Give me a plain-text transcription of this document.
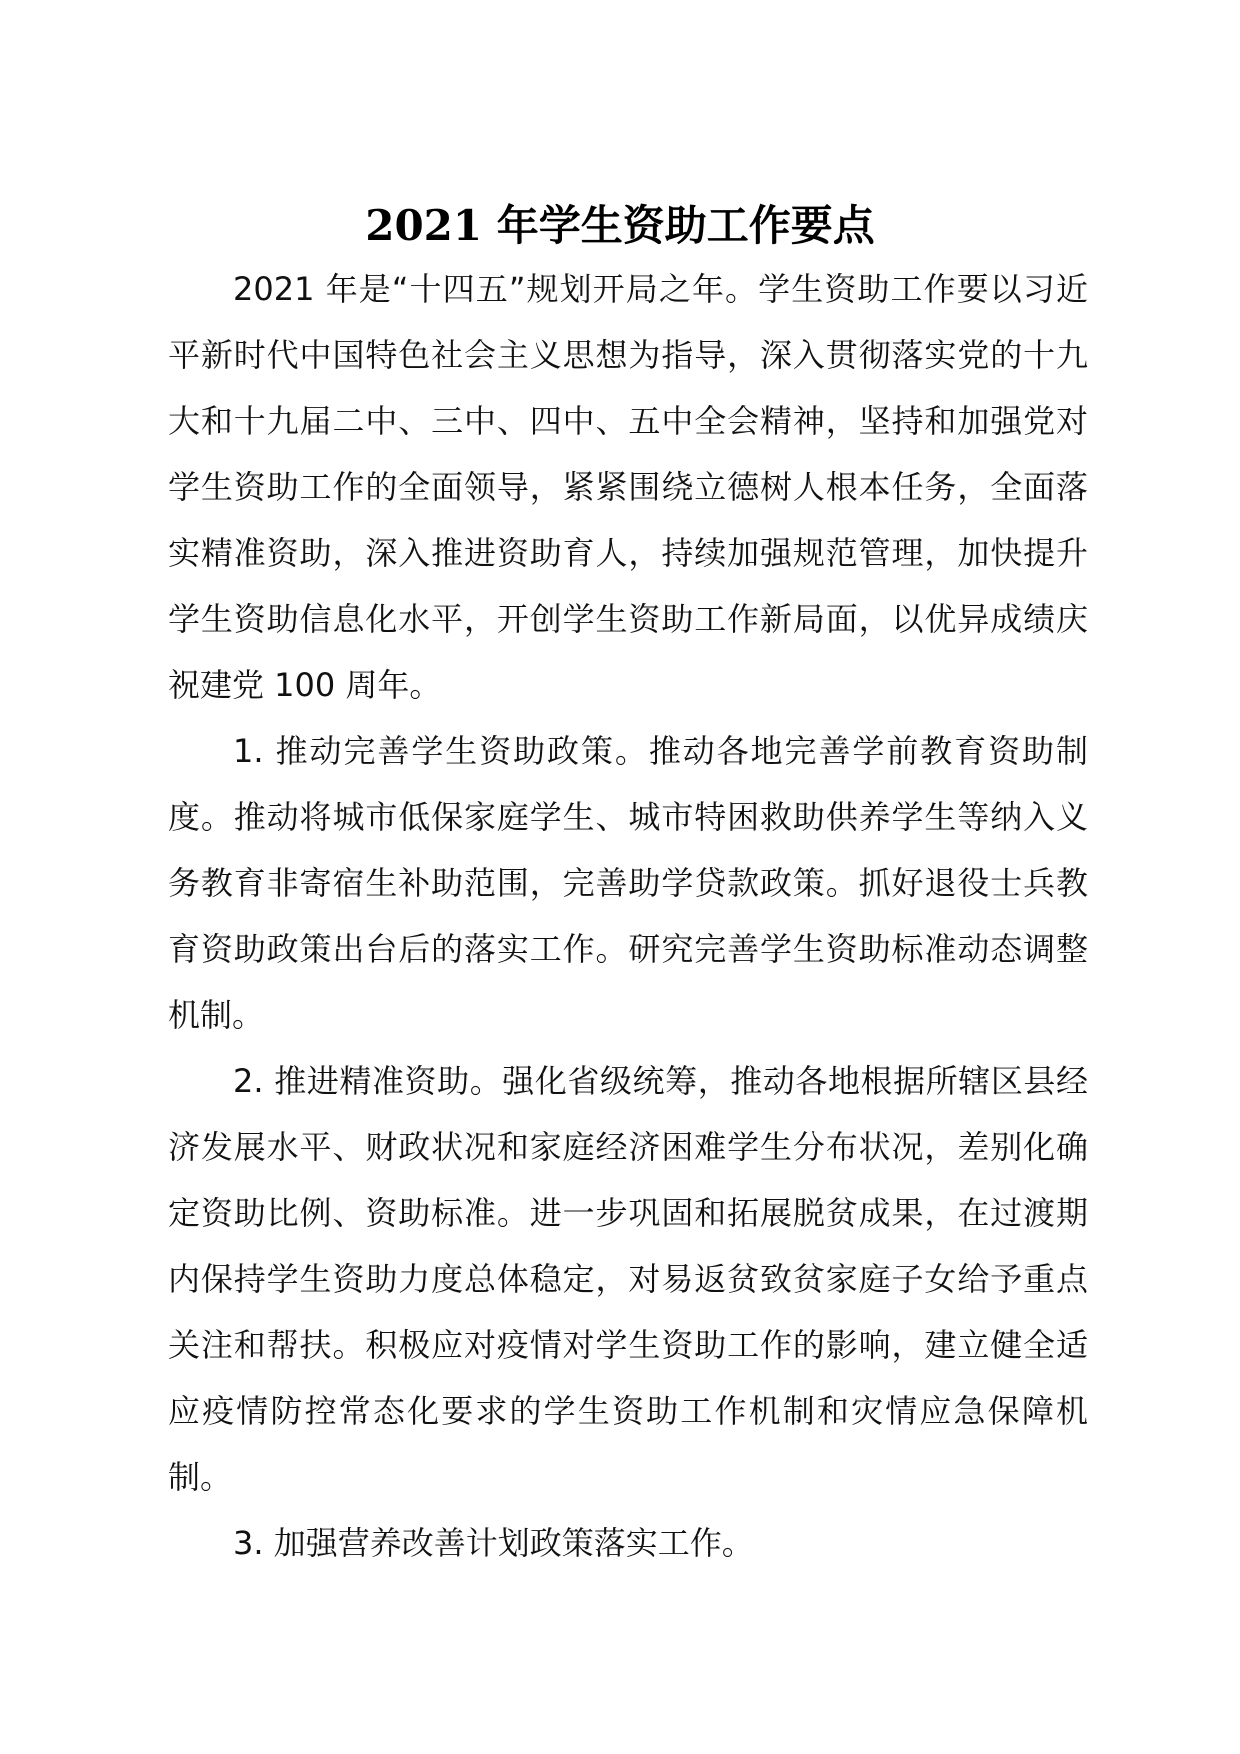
2021 年学生资助工作要点

2021 年是“十四五”规划开局之年。学生资助工作要以习近平新时代中国特色社会主义思想为指导，深入贯彻落实党的十九大和十九届二中、三中、四中、五中全会精神，坚持和加强党对学生资助工作的全面领导，紧紧围绕立德树人根本任务，全面落实精准资助，深入推进资助育人，持续加强规范管理，加快提升学生资助信息化水平，开创学生资助工作新局面，以优异成绩庆祝建党 100 周年。

1. 推动完善学生资助政策。推动各地完善学前教育资助制度。推动将城市低保家庭学生、城市特困救助供养学生等纳入义务教育非寄宿生补助范围，完善助学贷款政策。抓好退役士兵教育资助政策出台后的落实工作。研究完善学生资助标准动态调整机制。

2. 推进精准资助。强化省级统筹，推动各地根据所辖区县经济发展水平、财政状况和家庭经济困难学生分布状况，差别化确定资助比例、资助标准。进一步巩固和拓展脱贫成果，在过渡期内保持学生资助力度总体稳定，对易返贫致贫家庭子女给予重点关注和帮扶。积极应对疫情对学生资助工作的影响，建立健全适应疫情防控常态化要求的学生资助工作机制和灾情应急保障机制。

3. 加强营养改善计划政策落实工作。
